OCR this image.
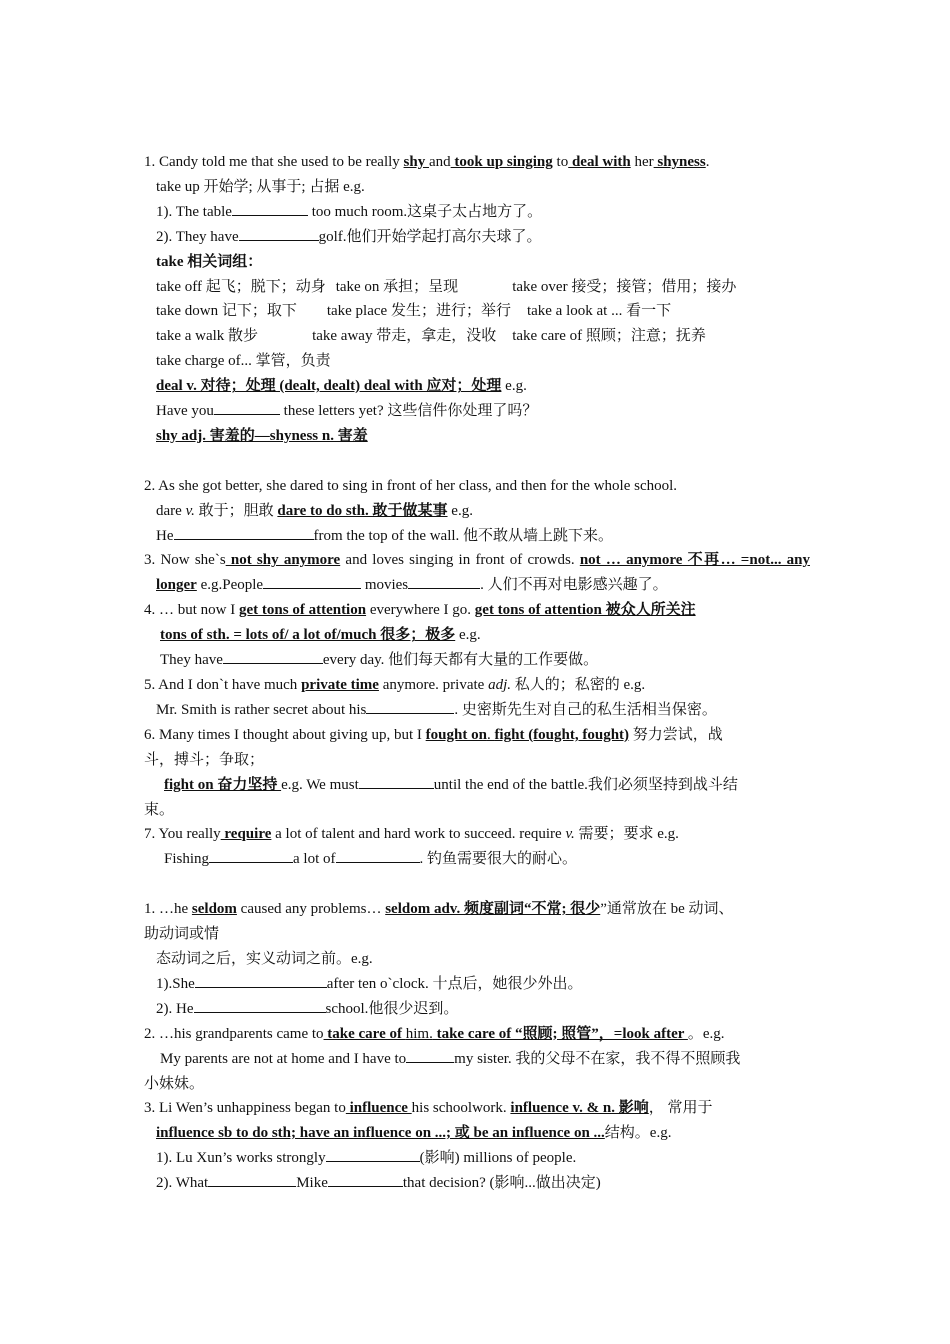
1. Candy told me that she used to be really shy and took up singing to deal with her shyness.
take up 开始学; 从事于; 占据 e.g.
1). The table	too much room.这桌子太占地方了。
2). They have	golf.他们开始学起打高尔夫球了。
take 相关词组：
take off 起飞；脱下；动身 take on 承担；呈现	take over 接受；接管；借用；接办
take down 记下；取下 take place 发生；进行；举行 take a look at ... 看一下
take a walk 散步	take away 带走，拿走，没收 take care of 照顾；注意；抚养
take charge of... 掌管，负责
deal v. 对待；处理 (dealt, dealt) deal with 应对；处理 e.g.
Have you	these letters yet? 这些信件你处理了吗？
shy adj. 害羞的—shyness n. 害羞
2. As she got better, she dared to sing in front of her class, and then for the whole school.
dare v. 敢于；胆敢 dare to do sth. 敢于做某事 e.g.
He	from the top of the wall. 他不敢从墙上跳下来。
3. Now she`s not shy anymore and loves singing in front of crowds. not … anymore 不再… =not... any
longer e.g.People	movies	. 人们不再对电影感兴趣了。
4. … but now I get tons of attention everywhere I go. get tons of attention 被众人所关注
tons of sth. = lots of/ a lot of/much 很多；极多 e.g.
They have	every day. 他们每天都有大量的工作要做。
5. And I don`t have much private time anymore. private adj. 私人的；私密的 e.g.
Mr. Smith is rather secret about his	. 史密斯先生对自己的私生活相当保密。
6. Many times I thought about giving up, but I fought on. fight (fought, fought) 努力尝试，战
斗，搏斗；争取；
fight on 奋力坚持 e.g. We must	until the end of the battle.我们必须坚持到战斗结
束。
7. You really require a lot of talent and hard work to succeed. require v. 需要；要求 e.g.
Fishing	a lot of	. 钓鱼需要很大的耐心。
1. …he seldom caused any problems… seldom adv. 频度副词“不常; 很少”通常放在 be 动词、
助动词或情
态动词之后，实义动词之前。e.g.
1).She	after ten o`clock. 十点后，她很少外出。
2). He	school.他很少迟到。
2. …his grandparents came to take care of him. take care of “照顾; 照管”，=look after 。e.g.
My parents are not at home and I have to	my sister. 我的父母不在家，我不得不照顾我
小妹妹。
3. Li Wen’s unhappiness began to influence his schoolwork. influence v. & n. 影响， 常用于
influence sb to do sth; have an influence on ...; 或 be an influence on ...结构。e.g.
1). Lu Xun’s works strongly	(影响) millions of people.
2). What	Mike	that decision? (影响...做出决定)
